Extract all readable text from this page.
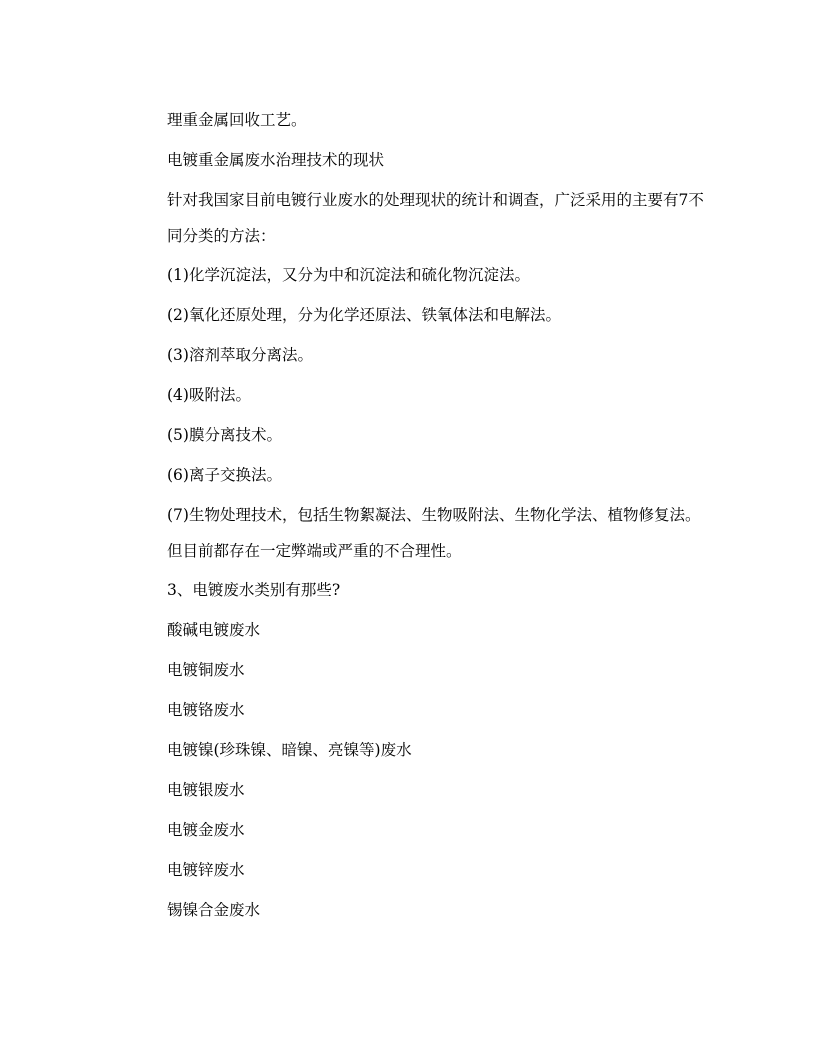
理重金属回收工艺。
电镀重金属废水治理技术的现状
针对我国家目前电镀行业废水的处理现状的统计和调查，广泛采用的主要有7不同分类的方法：
(1)化学沉淀法，又分为中和沉淀法和硫化物沉淀法。
(2)氧化还原处理，分为化学还原法、铁氧体法和电解法。
(3)溶剂萃取分离法。
(4)吸附法。
(5)膜分离技术。
(6)离子交换法。
(7)生物处理技术，包括生物絮凝法、生物吸附法、生物化学法、植物修复法。但目前都存在一定弊端或严重的不合理性。
3、电镀废水类别有那些?
酸碱电镀废水
电镀铜废水
电镀铬废水
电镀镍(珍珠镍、暗镍、亮镍等)废水
电镀银废水
电镀金废水
电镀锌废水
锡镍合金废水
